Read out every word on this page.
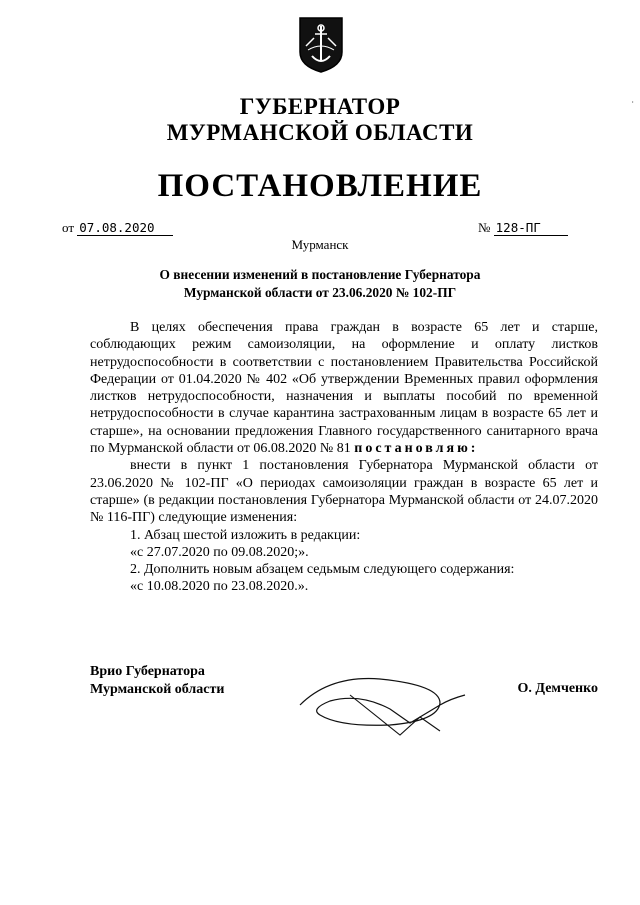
·
ГУБЕРНАТОР
МУРМАНСКОЙ ОБЛАСТИ
ПОСТАНОВЛЕНИЕ
от 07.08.2020	№ 128-ПГ
Мурманск
О внесении изменений в постановление Губернатора
Мурманской области от 23.06.2020 № 102-ПГ

В целях обеспечения права граждан в возрасте 65 лет и старше, соблюдающих режим самоизоляции, на оформление и оплату листков нетрудоспособности в соответствии с постановлением Правительства Российской Федерации от 01.04.2020 № 402 «Об утверждении Временных правил оформления листков нетрудоспособности, назначения и выплаты пособий по временной нетрудоспособности в случае карантина застрахованным лицам в возрасте 65 лет и старше», на основании предложения Главного государственного санитарного врача по Мурманской области от 06.08.2020 № 81 постановляю:

внести в пункт 1 постановления Губернатора Мурманской области от 23.06.2020 № 102-ПГ «О периодах самоизоляции граждан в возрасте 65 лет и старше» (в редакции постановления Губернатора Мурманской области от 24.07.2020 № 116-ПГ) следующие изменения:

1. Абзац шестой изложить в редакции:

«с 27.07.2020 по 09.08.2020;».

2. Дополнить новым абзацем седьмым следующего содержания:

«с 10.08.2020 по 23.08.2020.».

Врио Губернатора
Мурманской области	О. Демченко
